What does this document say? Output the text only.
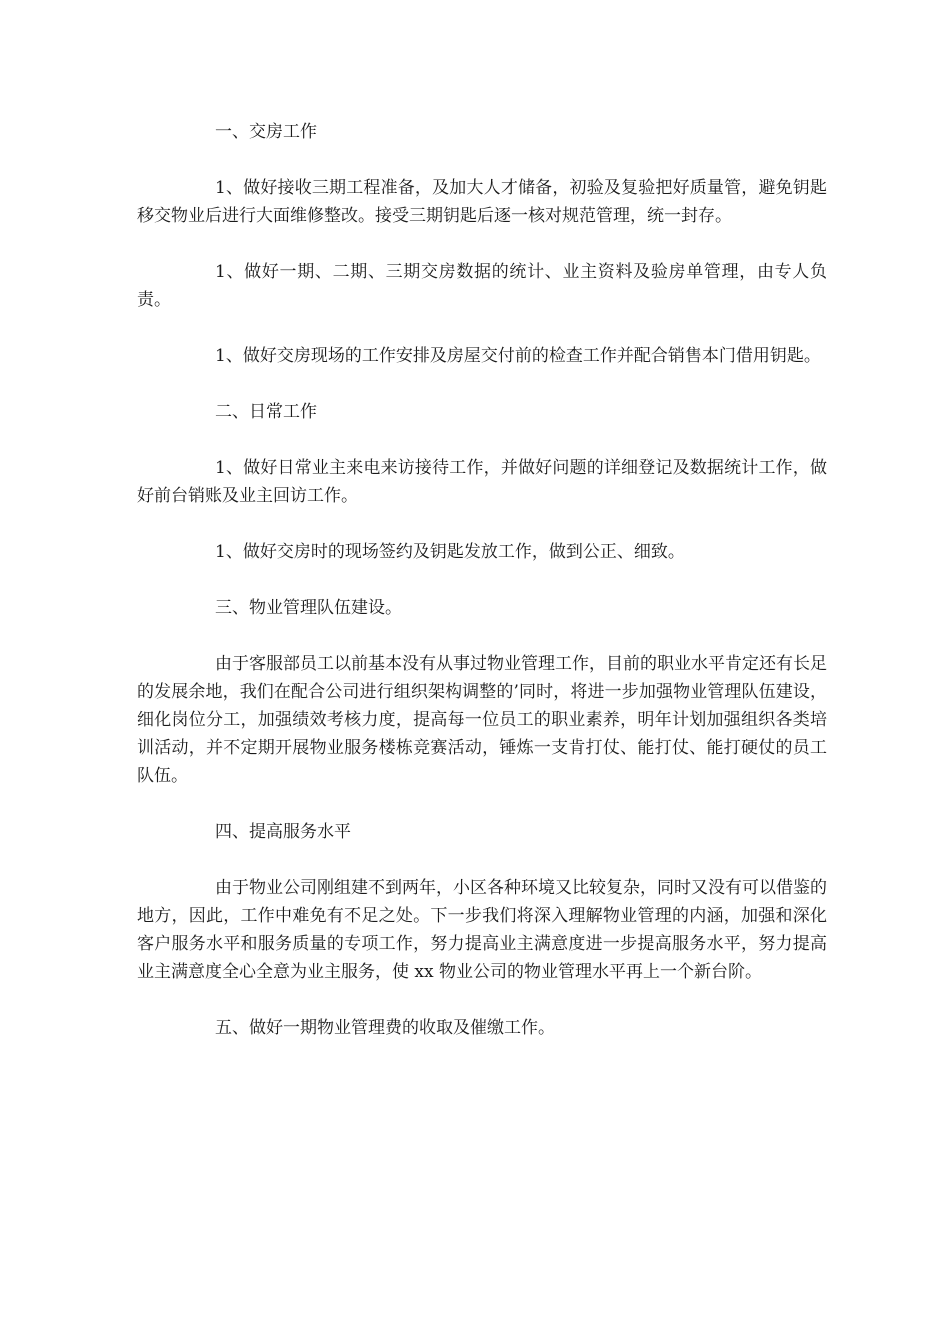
一、交房工作

1、做好接收三期工程准备，及加大人才储备，初验及复验把好质量管，避免钥匙移交物业后进行大面维修整改。接受三期钥匙后逐一核对规范管理，统一封存。

1、做好一期、二期、三期交房数据的统计、业主资料及验房单管理，由专人负责。

1、做好交房现场的工作安排及房屋交付前的检查工作并配合销售本门借用钥匙。

二、日常工作

1、做好日常业主来电来访接待工作，并做好问题的详细登记及数据统计工作，做好前台销账及业主回访工作。

1、做好交房时的现场签约及钥匙发放工作，做到公正、细致。

三、物业管理队伍建设。

由于客服部员工以前基本没有从事过物业管理工作，目前的职业水平肯定还有长足的发展余地，我们在配合公司进行组织架构调整的’同时，将进一步加强物业管理队伍建设，细化岗位分工，加强绩效考核力度，提高每一位员工的职业素养，明年计划加强组织各类培训活动，并不定期开展物业服务楼栋竞赛活动，锤炼一支肯打仗、能打仗、能打硬仗的员工队伍。

四、提高服务水平

由于物业公司刚组建不到两年，小区各种环境又比较复杂，同时又没有可以借鉴的地方，因此，工作中难免有不足之处。下一步我们将深入理解物业管理的内涵，加强和深化客户服务水平和服务质量的专项工作，努力提高业主满意度进一步提高服务水平，努力提高业主满意度全心全意为业主服务，使 xx 物业公司的物业管理水平再上一个新台阶。

五、做好一期物业管理费的收取及催缴工作。
